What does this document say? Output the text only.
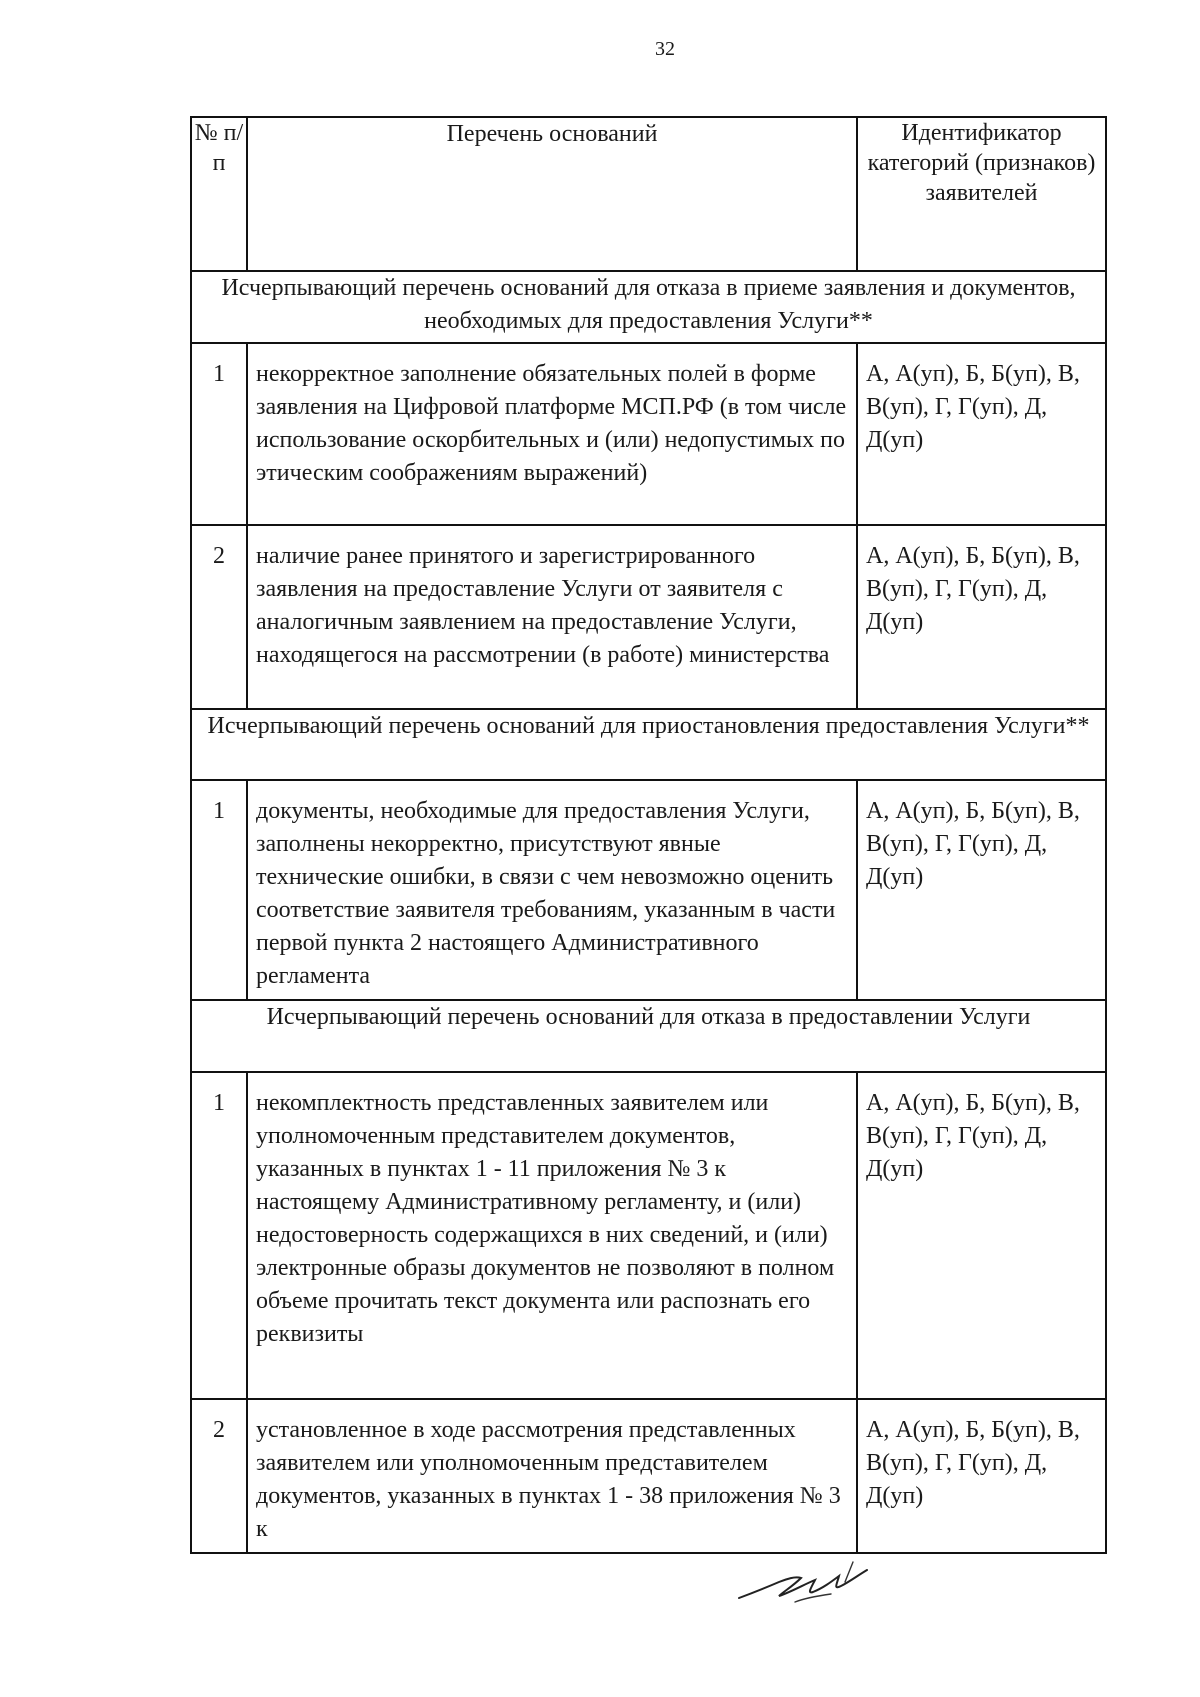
32
№ п/п	Перечень оснований	Идентификатор категорий (признаков) заявителей
Исчерпывающий перечень оснований для отказа в приеме заявления и документов, необходимых для предоставления Услуги**		
1	некорректное заполнение обязательных полей в форме заявления на Цифровой платформе МСП.РФ (в том числе использование оскорбительных и (или) недопустимых по этическим соображениям выражений)	А, А(уп), Б, Б(уп), В, В(уп), Г, Г(уп), Д, Д(уп)
2	наличие ранее принятого и зарегистрированного заявления на предоставление Услуги от заявителя с аналогичным заявлением на предоставление Услуги, находящегося на рассмотрении (в работе) министерства	А, А(уп), Б, Б(уп), В, В(уп), Г, Г(уп), Д, Д(уп)
Исчерпывающий перечень оснований для приостановления предоставления Услуги**		
1	документы, необходимые для предоставления Услуги, заполнены некорректно, присутствуют явные технические ошибки, в связи с чем невозможно оценить соответствие заявителя требованиям, указанным в части первой пункта 2 настоящего Административного регламента	А, А(уп), Б, Б(уп), В, В(уп), Г, Г(уп), Д, Д(уп)
Исчерпывающий перечень оснований для отказа в предоставлении Услуги		
1	некомплектность представленных заявителем или уполномоченным представителем документов, указанных в пунктах 1 - 11 приложения № 3 к настоящему Административному регламенту, и (или) недостоверность содержащихся в них сведений, и (или) электронные образы документов не позволяют в полном объеме прочитать текст документа или распознать его реквизиты	А, А(уп), Б, Б(уп), В, В(уп), Г, Г(уп), Д, Д(уп)
2	установленное в ходе рассмотрения представленных заявителем или уполномоченным представителем документов, указанных в пунктах 1 - 38 приложения № 3 к	А, А(уп), Б, Б(уп), В, В(уп), Г, Г(уп), Д, Д(уп)
